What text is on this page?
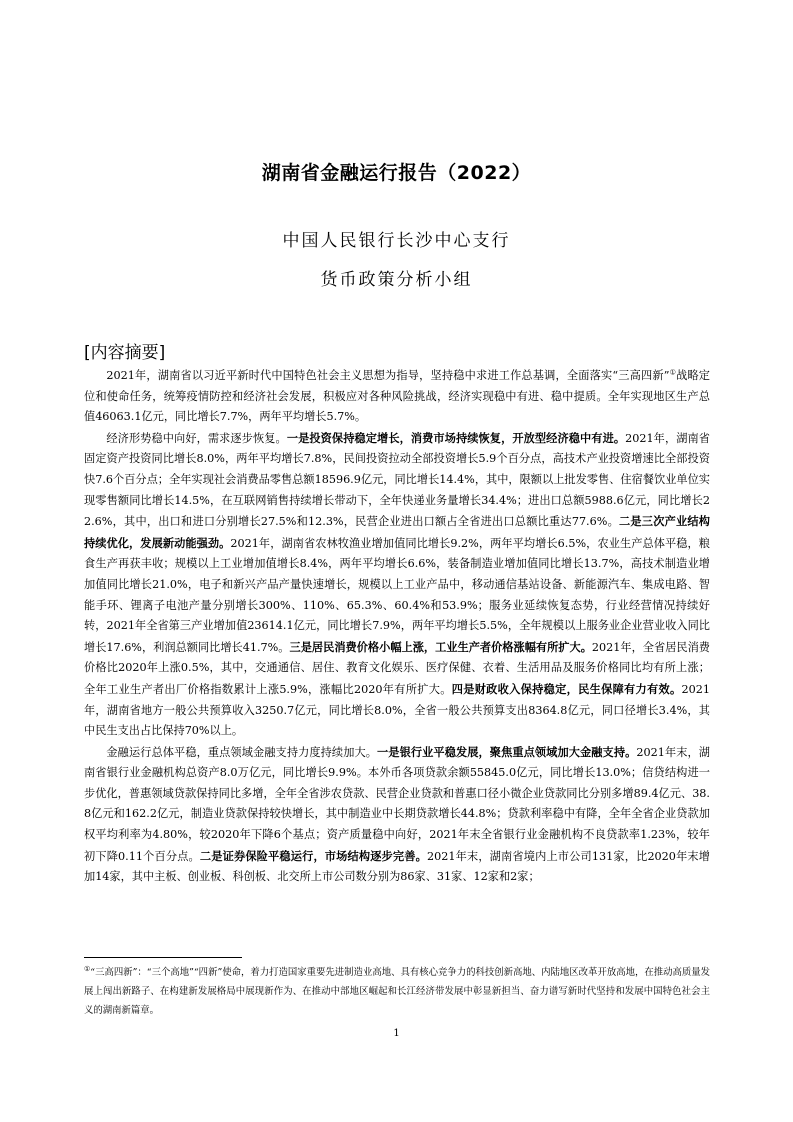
湖南省金融运行报告（2022）
中国人民银行长沙中心支行
货币政策分析小组
[内容摘要]

2021年，湖南省以习近平新时代中国特色社会主义思想为指导，坚持稳中求进工作总基调，全面落实“三高四新”①战略定位和使命任务，统筹疫情防控和经济社会发展，积极应对各种风险挑战，经济实现稳中有进、稳中提质。全年实现地区生产总值46063.1亿元，同比增长7.7%，两年平均增长5.7%。

经济形势稳中向好，需求逐步恢复。一是投资保持稳定增长，消费市场持续恢复，开放型经济稳中有进。2021年，湖南省固定资产投资同比增长8.0%，两年平均增长7.8%，民间投资拉动全部投资增长5.9个百分点，高技术产业投资增速比全部投资快7.6个百分点；全年实现社会消费品零售总额18596.9亿元，同比增长14.4%，其中，限额以上批发零售、住宿餐饮业单位实现零售额同比增长14.5%，在互联网销售持续增长带动下，全年快递业务量增长34.4%；进出口总额5988.6亿元，同比增长22.6%，其中，出口和进口分别增长27.5%和12.3%，民营企业进出口额占全省进出口总额比重达77.6%。二是三次产业结构持续优化，发展新动能强劲。2021年，湖南省农林牧渔业增加值同比增长9.2%，两年平均增长6.5%，农业生产总体平稳，粮食生产再获丰收；规模以上工业增加值增长8.4%，两年平均增长6.6%，装备制造业增加值同比增长13.7%，高技术制造业增加值同比增长21.0%，电子和新兴产品产量快速增长，规模以上工业产品中，移动通信基站设备、新能源汽车、集成电路、智能手环、锂离子电池产量分别增长300%、110%、65.3%、60.4%和53.9%；服务业延续恢复态势，行业经营情况持续好转，2021年全省第三产业增加值23614.1亿元，同比增长7.9%，两年平均增长5.5%，全年规模以上服务业企业营业收入同比增长17.6%，利润总额同比增长41.7%。三是居民消费价格小幅上涨，工业生产者价格涨幅有所扩大。2021年，全省居民消费价格比2020年上涨0.5%，其中，交通通信、居住、教育文化娱乐、医疗保健、衣着、生活用品及服务价格同比均有所上涨；全年工业生产者出厂价格指数累计上涨5.9%，涨幅比2020年有所扩大。四是财政收入保持稳定，民生保障有力有效。2021年，湖南省地方一般公共预算收入3250.7亿元，同比增长8.0%，全省一般公共预算支出8364.8亿元，同口径增长3.4%，其中民生支出占比保持70%以上。

金融运行总体平稳，重点领域金融支持力度持续加大。一是银行业平稳发展，聚焦重点领域加大金融支持。2021年末，湖南省银行业金融机构总资产8.0万亿元，同比增长9.9%。本外币各项贷款余额55845.0亿元，同比增长13.0%；信贷结构进一步优化，普惠领域贷款保持同比多增，全年全省涉农贷款、民营企业贷款和普惠口径小微企业贷款同比分别多增89.4亿元、38.8亿元和162.2亿元，制造业贷款保持较快增长，其中制造业中长期贷款增长44.8%；贷款利率稳中有降，全年全省企业贷款加权平均利率为4.80%，较2020年下降6个基点；资产质量稳中向好，2021年末全省银行业金融机构不良贷款率1.23%，较年初下降0.11个百分点。二是证券保险平稳运行，市场结构逐步完善。2021年末，湖南省境内上市公司131家，比2020年末增加14家，其中主板、创业板、科创板、北交所上市公司数分别为86家、31家、12家和2家；

①“三高四新”：“三个高地”“四新”使命，着力打造国家重要先进制造业高地、具有核心竞争力的科技创新高地、内陆地区改革开放高地，在推动高质量发展上闯出新路子、在构建新发展格局中展现新作为、在推动中部地区崛起和长江经济带发展中彰显新担当、奋力谱写新时代坚持和发展中国特色社会主义的湖南新篇章。
1
